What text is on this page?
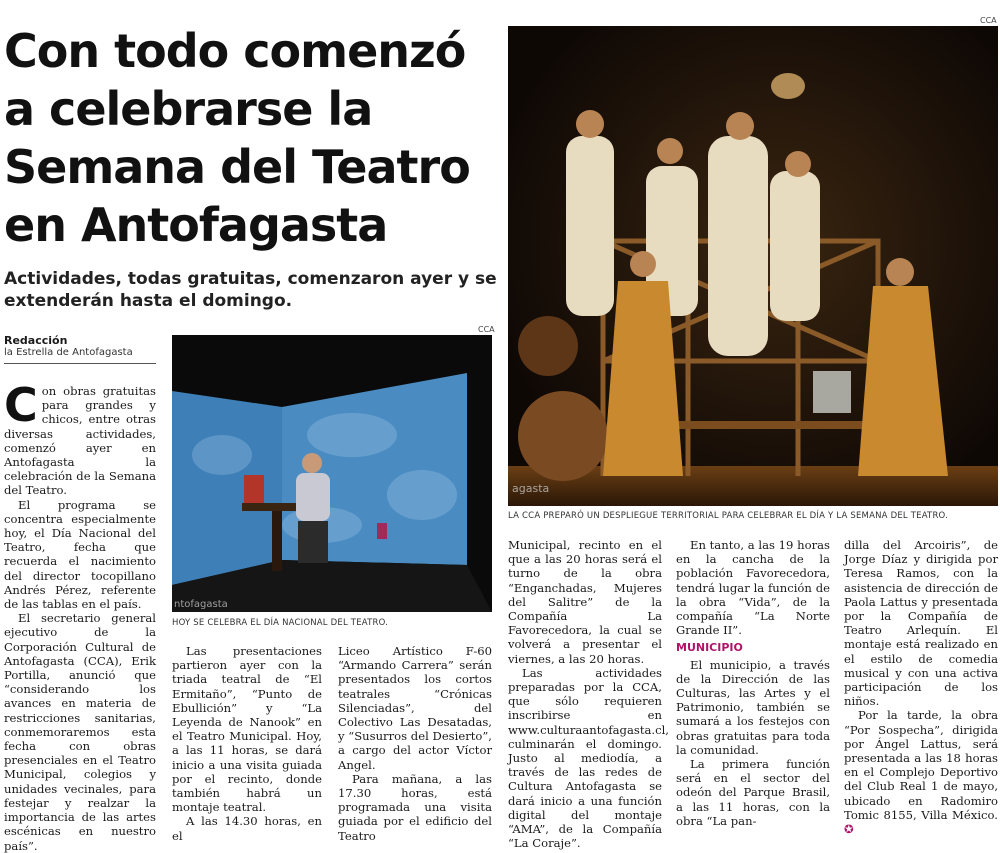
Con todo comenzó
a celebrarse la
Semana del Teatro
en Antofagasta
Actividades, todas gratuitas, comenzaron ayer y se
extenderán hasta el domingo.
Redacción
la Estrella de Antofagasta
CCA
agasta
LA CCA PREPARÓ UN DESPLIEGUE TERRITORIAL PARA CELEBRAR EL DÍA Y LA SEMANA DEL TEATRO.
CCA
ntofagasta
HOY SE CELEBRA EL DÍA NACIONAL DEL TEATRO.

Con obras gratuitas para grandes y chicos, entre otras diversas actividades, comenzó ayer en Antofagasta la celebración de la Semana del Teatro.

El programa se concentra especialmente hoy, el Día Nacional del Teatro, fecha que recuerda el nacimiento del director tocopillano Andrés Pérez, referente de las tablas en el país.

El secretario general ejecutivo de la Corporación Cultural de Antofagasta (CCA), Erik Portilla, anunció que “considerando los avances en materia de restricciones sanitarias, conmemoraremos esta fecha con obras presenciales en el Teatro Municipal, colegios y unidades vecinales, para festejar y realzar la importancia de las artes escénicas en nuestro país”.

Las presentaciones partieron ayer con la triada teatral de “El Ermitaño”, “Punto de Ebullición” y “La Leyenda de Nanook” en el Teatro Municipal. Hoy, a las 11 horas, se dará inicio a una visita guiada por el recinto, donde también habrá un montaje teatral.

A las 14.30 horas, en el

Liceo Artístico F-60 “Armando Carrera” serán presentados los cortos teatrales “Crónicas Silenciadas”, del Colectivo Las Desatadas, y “Susurros del Desierto”, a cargo del actor Víctor Angel.

Para mañana, a las 17.30 horas, está programada una visita guiada por el edificio del Teatro

Municipal, recinto en el que a las 20 horas será el turno de la obra “Enganchadas, Mujeres del Salitre” de la Compañía La Favorecedora, la cual se volverá a presentar el viernes, a las 20 horas.

Las actividades preparadas por la CCA, que sólo requieren inscribirse en www.culturaantofagasta.cl, culminarán el domingo. Justo al mediodía, a través de las redes de Cultura Antofagasta se dará inicio a una función digital del montaje “AMA”, de la Compañía “La Coraje”.

En tanto, a las 19 horas en la cancha de la población Favorecedora, tendrá lugar la función de la obra “Vida”, de la compañía “La Norte Grande II”.

MUNICIPIO

El municipio, a través de la Dirección de las Culturas, las Artes y el Patrimonio, también se sumará a los festejos con obras gratuitas para toda la comunidad.

La primera función será en el sector del odeón del Parque Brasil, a las 11 horas, con la obra “La pan-

dilla del Arcoiris”, de Jorge Díaz y dirigida por Teresa Ramos, con la asistencia de dirección de Paola Lattus y presentada por la Compañía de Teatro Arlequín. El montaje está realizado en el estilo de comedia musical y con una activa participación de los niños.

Por la tarde, la obra “Por Sospecha”, dirigida por Ángel Lattus, será presentada a las 18 horas en el Complejo Deportivo del Club Real 1 de mayo, ubicado en Radomiro Tomic 8155, Villa México. ✪
